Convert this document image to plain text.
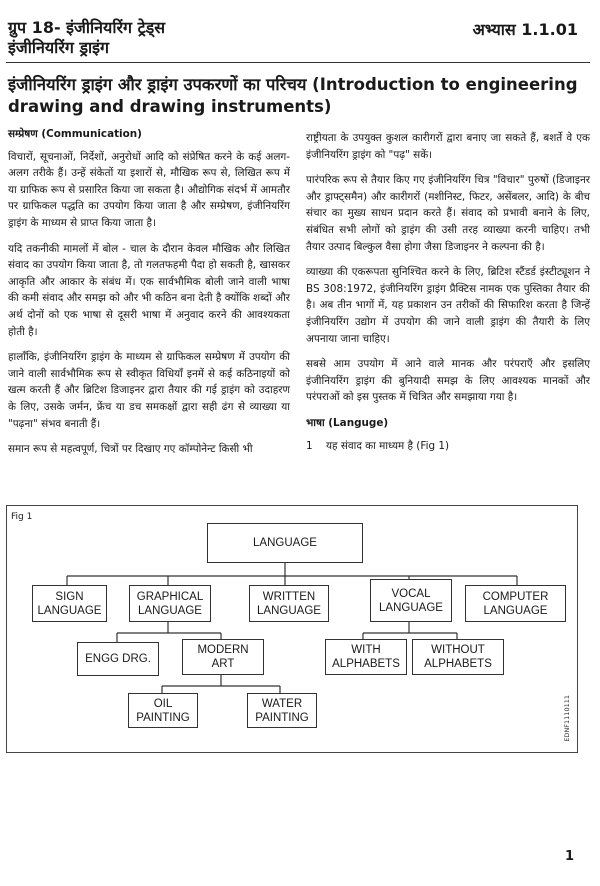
ग्रुप 18- इंजीनियरिंग ट्रेड्स
इंजीनियरिंग ड्राइंग
अभ्यास 1.1.01
इंजीनियरिंग ड्राइंग और ड्राइंग उपकरणों का परिचय (Introduction to engineering drawing and drawing instruments)
सम्प्रेषण (Communication)

विचारों, सूचनाओं, निर्देशों, अनुरोधों आदि को संप्रेषित करने के कई अलग-अलग तरीके हैं। उन्हें संकेतों या इशारों से, मौखिक रूप से, लिखित रूप में या ग्राफिक रूप से प्रसारित किया जा सकता है। औद्योगिक संदर्भ में आमतौर पर ग्राफिकल पद्धति का उपयोग किया जाता है और सम्प्रेषण, इंजीनियरिंग ड्राइंग के माध्यम से प्राप्त किया जाता है।

यदि तकनीकी मामलों में बोल - चाल के दौरान केवल मौखिक और लिखित संवाद का उपयोग किया जाता है, तो गलतफहमी पैदा हो सकती है, खासकर आकृति और आकार के संबंध में। एक सार्वभौमिक बोली जाने वाली भाषा की कमी संवाद और समझ को और भी कठिन बना देती है क्योंकि शब्दों और अर्थ दोनों को एक भाषा से दूसरी भाषा में अनुवाद करने की आवश्यकता होती है।

हालाँकि, इंजीनियरिंग ड्राइंग के माध्यम से ग्राफिकल सम्प्रेषण में उपयोग की जाने वाली सार्वभौमिक रूप से स्वीकृत विधियाँ इनमें से कई कठिनाइयों को खत्म करती हैं और ब्रिटिश डिजाइनर द्वारा तैयार की गई ड्राइंग को उदाहरण के लिए, उसके जर्मन, फ्रेंच या डच समकक्षों द्वारा सही ढंग से व्याख्या या "पढ़ना" संभव बनाती हैं।

समान रूप से महत्वपूर्ण, चित्रों पर दिखाए गए कॉम्पोनेन्ट किसी भी

राष्ट्रीयता के उपयुक्त कुशल कारीगरों द्वारा बनाए जा सकते हैं, बशर्ते वे एक इंजीनियरिंग ड्राइंग को "पढ़" सकें।

पारंपरिक रूप से तैयार किए गए इंजीनियरिंग चित्र "विचार" पुरुषों (डिजाइनर और ड्राफ्ट्समैन) और कारीगरों (मशीनिस्ट, फिटर, असेंबलर, आदि) के बीच संचार का मुख्य साधन प्रदान करते हैं। संवाद को प्रभावी बनाने के लिए, संबंधित सभी लोगों को ड्राइंग की उसी तरह व्याख्या करनी चाहिए। तभी तैयार उत्पाद बिल्कुल वैसा होगा जैसा डिजाइनर ने कल्पना की है।

व्याख्या की एकरूपता सुनिश्चित करने के लिए, ब्रिटिश स्टैंडर्ड इंस्टीट्यूशन ने BS 308:1972, इंजीनियरिंग ड्राइंग प्रैक्टिस नामक एक पुस्तिका तैयार की है। अब तीन भागों में, यह प्रकाशन उन तरीकों की सिफारिश करता है जिन्हें इंजीनियरिंग उद्योग में उपयोग की जाने वाली ड्राइंग की तैयारी के लिए अपनाया जाना चाहिए।

सबसे आम उपयोग में आने वाले मानक और परंपराएँ और इसलिए इंजीनियरिंग ड्राइंग की बुनियादी समझ के लिए आवश्यक मानकों और परंपराओं को इस पुस्तक में चित्रित और समझाया गया है।

भाषा (Languge)
1	यह संवाद का माध्यम है (Fig 1)
Fig 1
EDNF1110111
LANGUAGE
SIGN
LANGUAGE
GRAPHICAL
LANGUAGE
WRITTEN
LANGUAGE
VOCAL
LANGUAGE
COMPUTER
LANGUAGE
ENGG DRG.
MODERN
ART
WITH
ALPHABETS
WITHOUT
ALPHABETS
OIL
PAINTING
WATER
PAINTING
1
